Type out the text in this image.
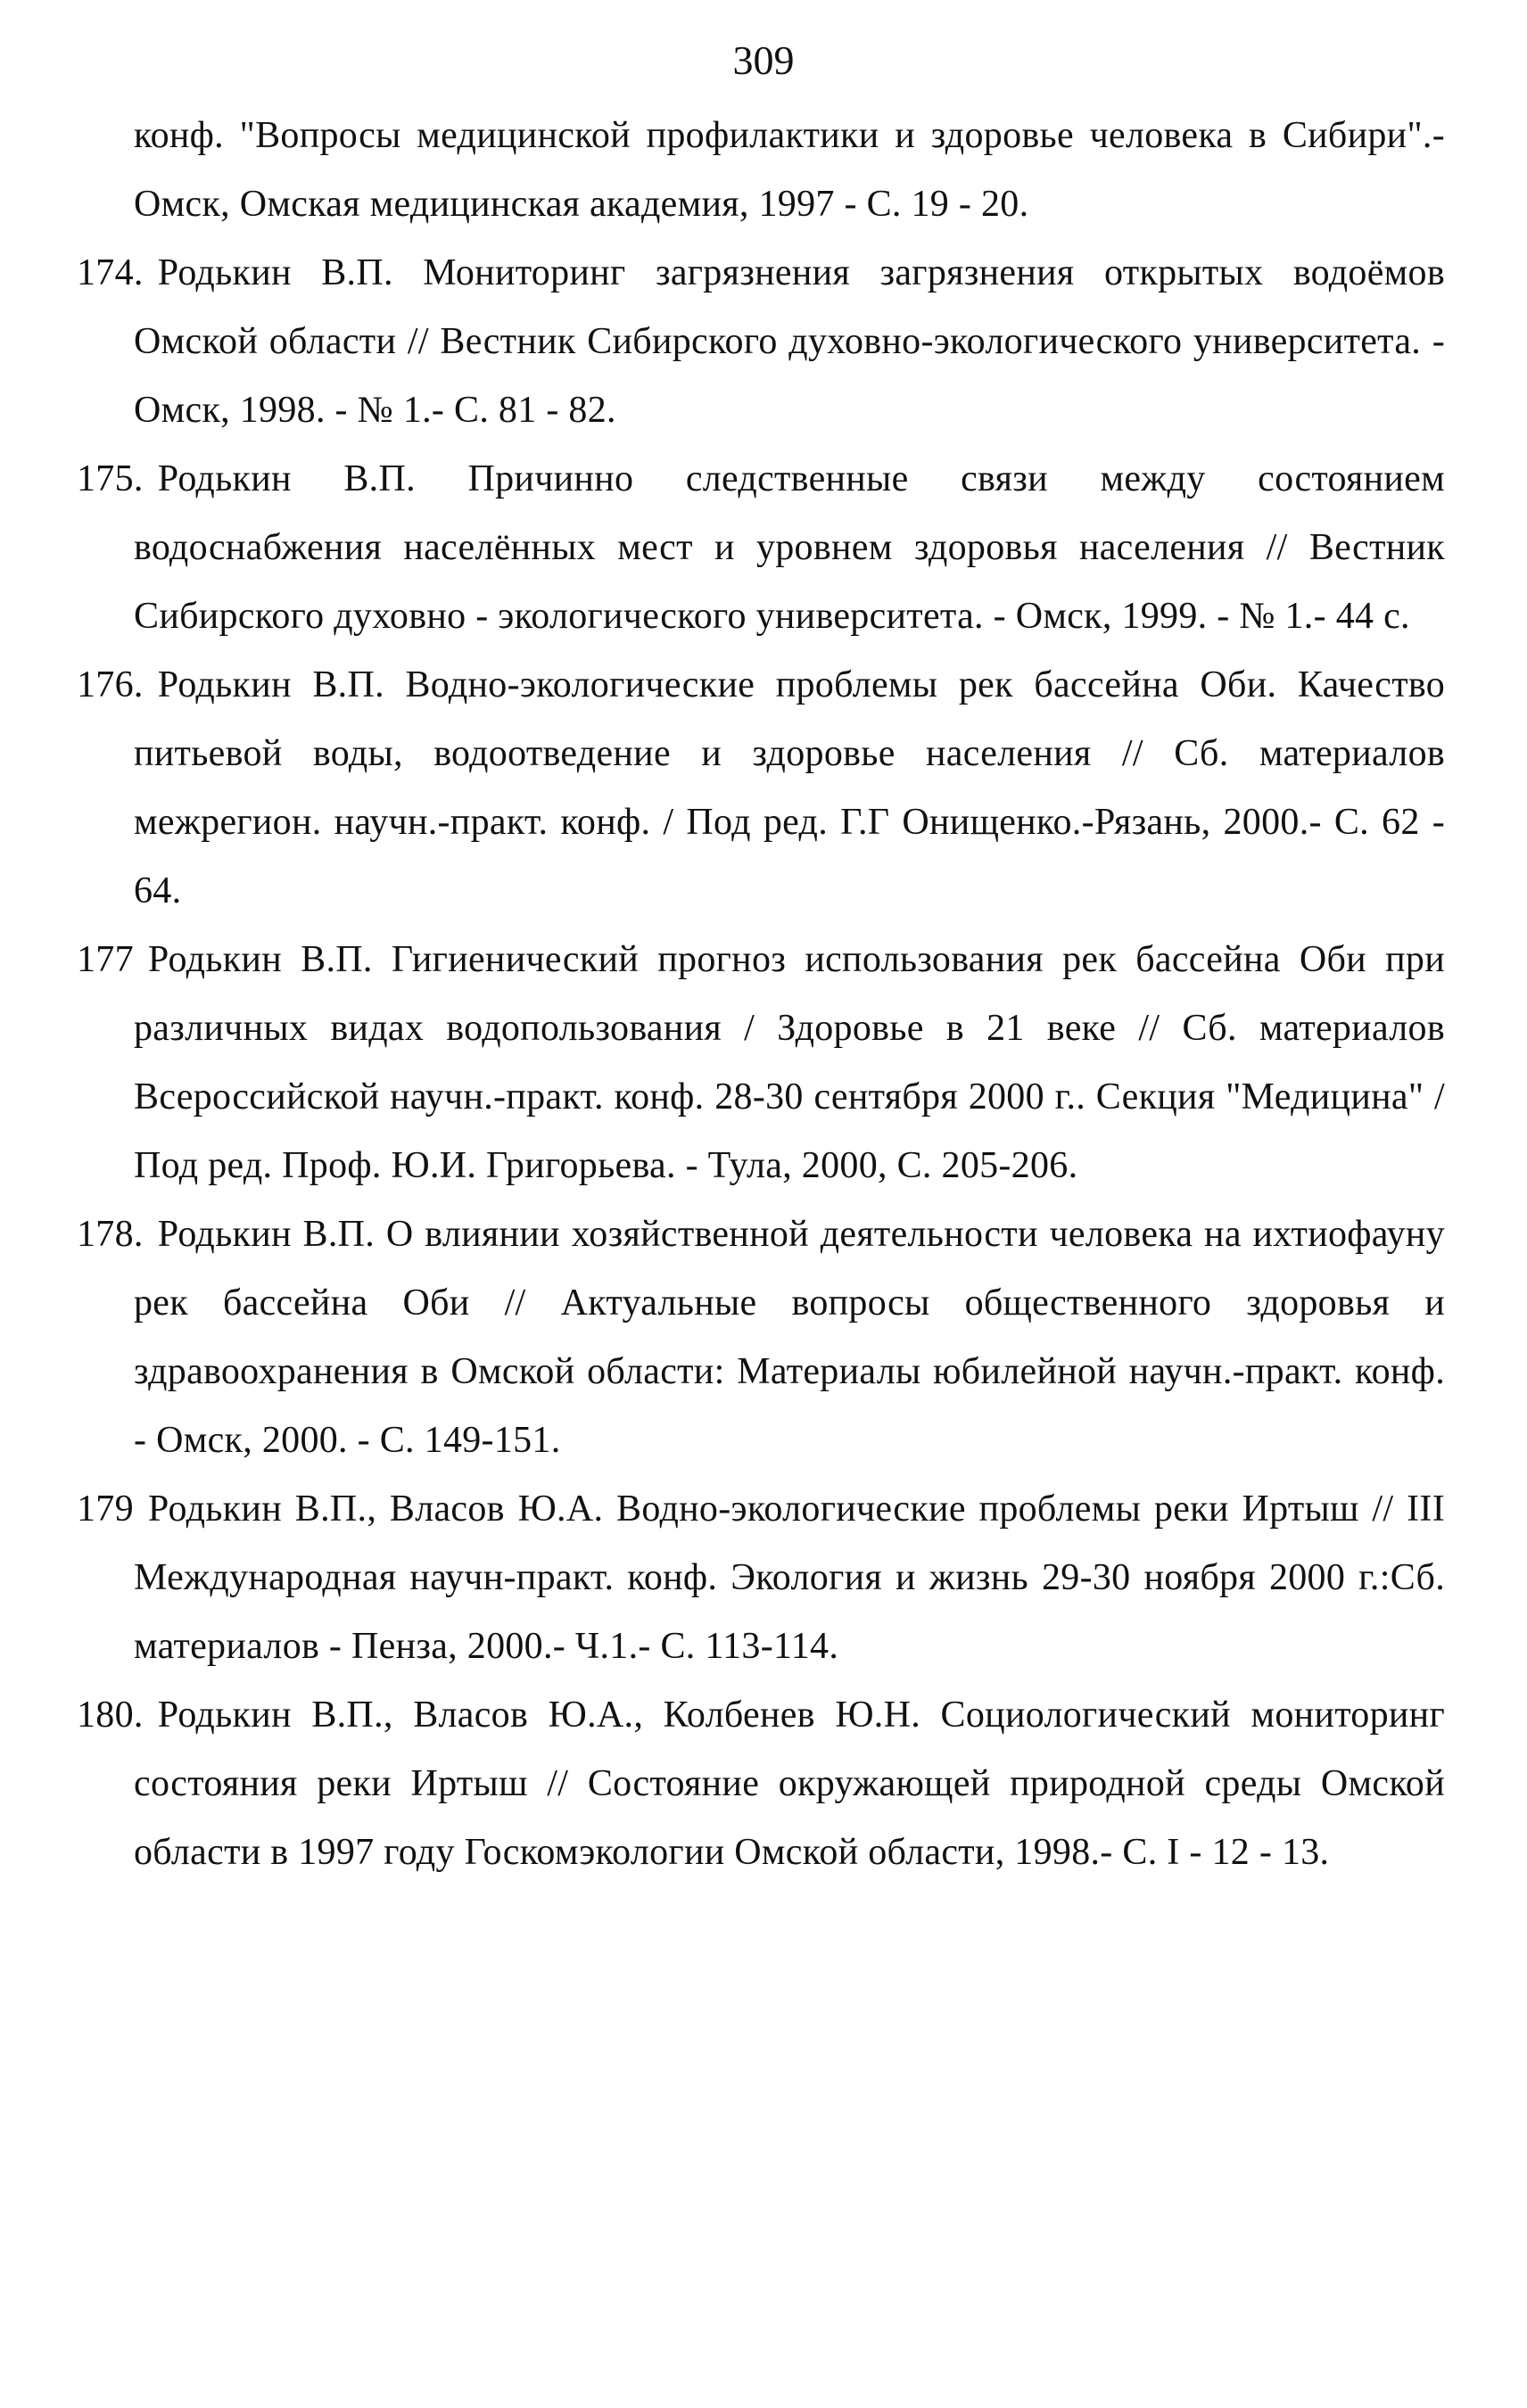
309

конф. "Вопросы медицинской профилактики и здоровье человека в Сибири".- Омск, Омская медицинская академия, 1997 - С. 19 - 20.

174. Родькин В.П. Мониторинг загрязнения загрязнения открытых водоёмов Омской области // Вестник Сибирского духовно-экологического университета. - Омск, 1998. - № 1.- С. 81 - 82.

175. Родькин В.П. Причинно следственные связи между состоянием водоснабжения населённых мест и уровнем здоровья населения // Вестник Сибирского духовно - экологического университета. - Омск, 1999. - № 1.- 44 с.

176. Родькин В.П. Водно-экологические проблемы рек бассейна Оби. Качество питьевой воды, водоотведение и здоровье населения // Сб. материалов межрегион. научн.-практ. конф. / Под ред. Г.Г Онищенко.-Рязань, 2000.- С. 62 - 64.

177 Родькин В.П. Гигиенический прогноз использования рек бассейна Оби при различных видах водопользования / Здоровье в 21 веке // Сб. материалов Всероссийской научн.-практ. конф. 28-30 сентября 2000 г.. Секция "Медицина" / Под ред. Проф. Ю.И. Григорьева. - Тула, 2000, С. 205-206.

178. Родькин В.П. О влиянии хозяйственной деятельности человека на ихтиофауну рек бассейна Оби // Актуальные вопросы общественного здоровья и здравоохранения в Омской области: Материалы юбилейной научн.-практ. конф. - Омск, 2000. - С. 149-151.

179 Родькин В.П., Власов Ю.А. Водно-экологические проблемы реки Иртыш // III Международная научн-практ. конф. Экология и жизнь 29-30 ноября 2000 г.:Сб. материалов - Пенза, 2000.- Ч.1.- С. 113-114.

180. Родькин В.П., Власов Ю.А., Колбенев Ю.Н. Социологический мониторинг состояния реки Иртыш // Состояние окружающей природной среды Омской области в 1997 году Госкомэкологии Омской области, 1998.- С. I - 12 - 13.
